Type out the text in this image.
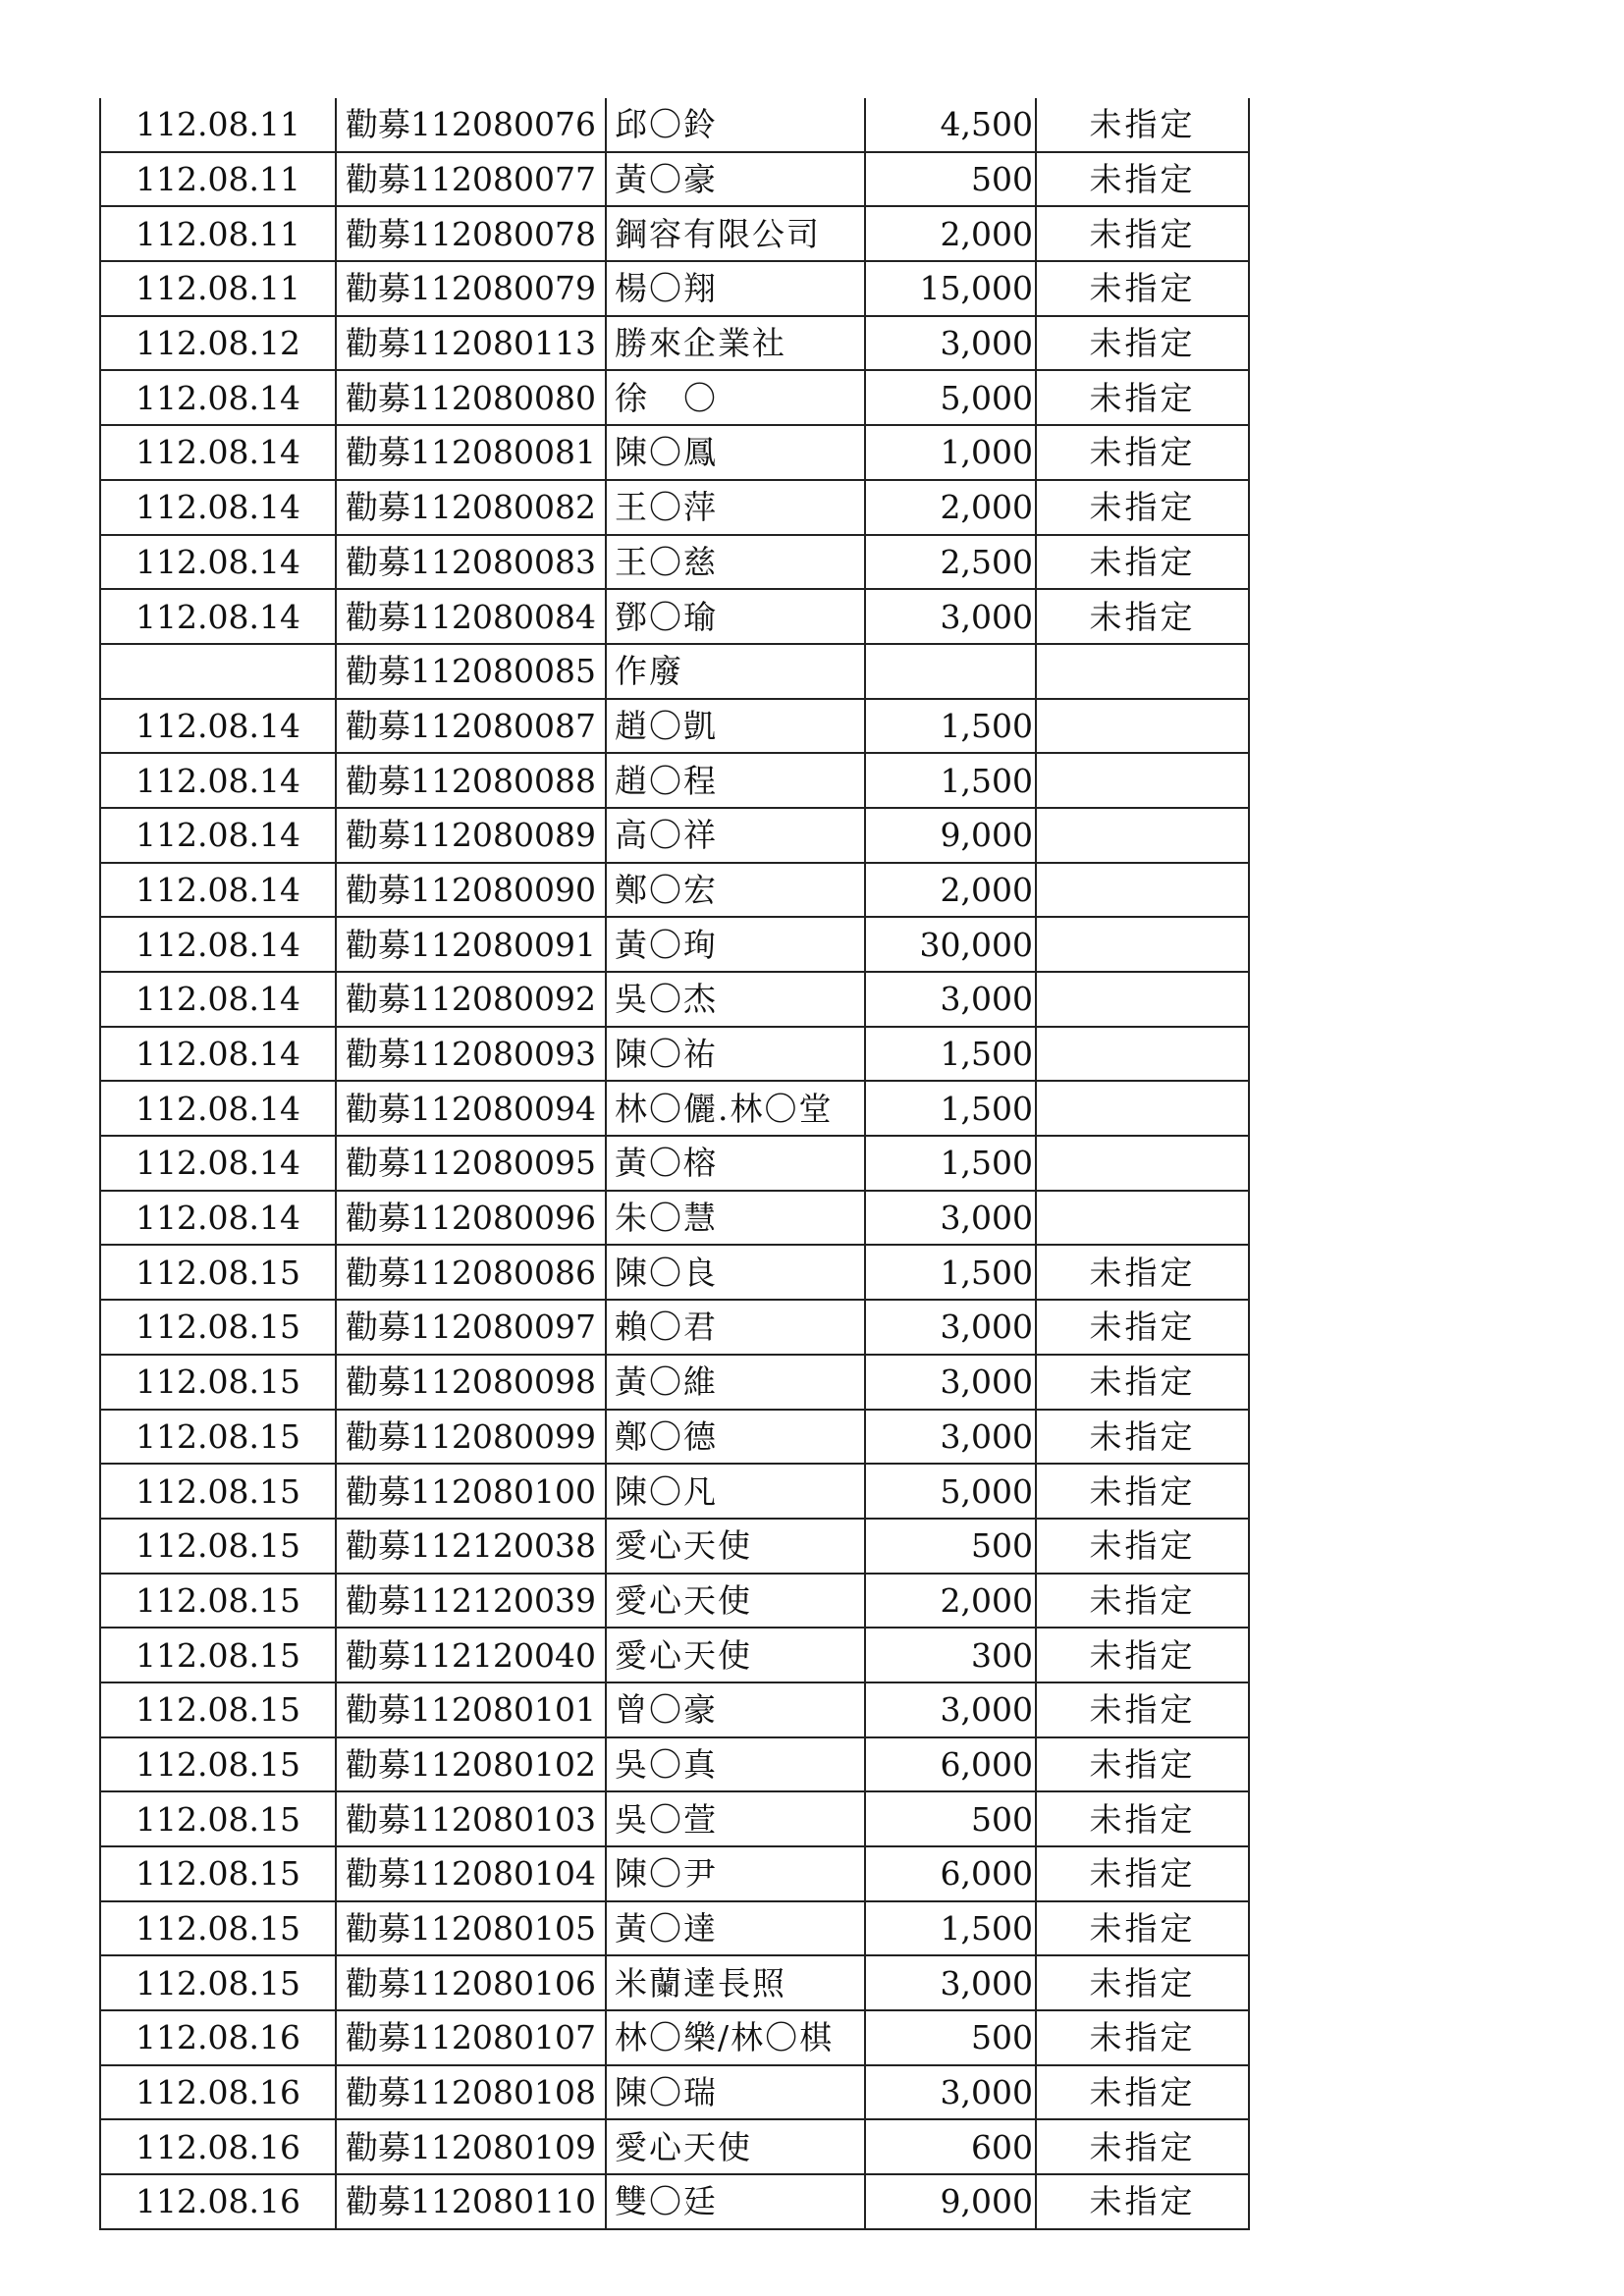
112.08.11	勸募112080076	邱〇鈴	4,500	未指定
112.08.11	勸募112080077	黃〇豪	500	未指定
112.08.11	勸募112080078	鋼容有限公司	2,000	未指定
112.08.11	勸募112080079	楊〇翔	15,000	未指定
112.08.12	勸募112080113	勝來企業社	3,000	未指定
112.08.14	勸募112080080	徐　〇	5,000	未指定
112.08.14	勸募112080081	陳〇鳳	1,000	未指定
112.08.14	勸募112080082	王〇萍	2,000	未指定
112.08.14	勸募112080083	王〇慈	2,500	未指定
112.08.14	勸募112080084	鄧〇瑜	3,000	未指定
	勸募112080085	作廢		
112.08.14	勸募112080087	趙〇凱	1,500	
112.08.14	勸募112080088	趙〇程	1,500	
112.08.14	勸募112080089	高〇祥	9,000	
112.08.14	勸募112080090	鄭〇宏	2,000	
112.08.14	勸募112080091	黃〇珣	30,000	
112.08.14	勸募112080092	吳〇杰	3,000	
112.08.14	勸募112080093	陳〇祐	1,500	
112.08.14	勸募112080094	林〇儷.林〇堂	1,500	
112.08.14	勸募112080095	黃〇榕	1,500	
112.08.14	勸募112080096	朱〇慧	3,000	
112.08.15	勸募112080086	陳〇良	1,500	未指定
112.08.15	勸募112080097	賴〇君	3,000	未指定
112.08.15	勸募112080098	黃〇維	3,000	未指定
112.08.15	勸募112080099	鄭〇德	3,000	未指定
112.08.15	勸募112080100	陳〇凡	5,000	未指定
112.08.15	勸募112120038	愛心天使	500	未指定
112.08.15	勸募112120039	愛心天使	2,000	未指定
112.08.15	勸募112120040	愛心天使	300	未指定
112.08.15	勸募112080101	曾〇豪	3,000	未指定
112.08.15	勸募112080102	吳〇真	6,000	未指定
112.08.15	勸募112080103	吳〇萱	500	未指定
112.08.15	勸募112080104	陳〇尹	6,000	未指定
112.08.15	勸募112080105	黃〇達	1,500	未指定
112.08.15	勸募112080106	米蘭達長照	3,000	未指定
112.08.16	勸募112080107	林〇樂/林〇棋	500	未指定
112.08.16	勸募112080108	陳〇瑞	3,000	未指定
112.08.16	勸募112080109	愛心天使	600	未指定
112.08.16	勸募112080110	雙〇廷	9,000	未指定
